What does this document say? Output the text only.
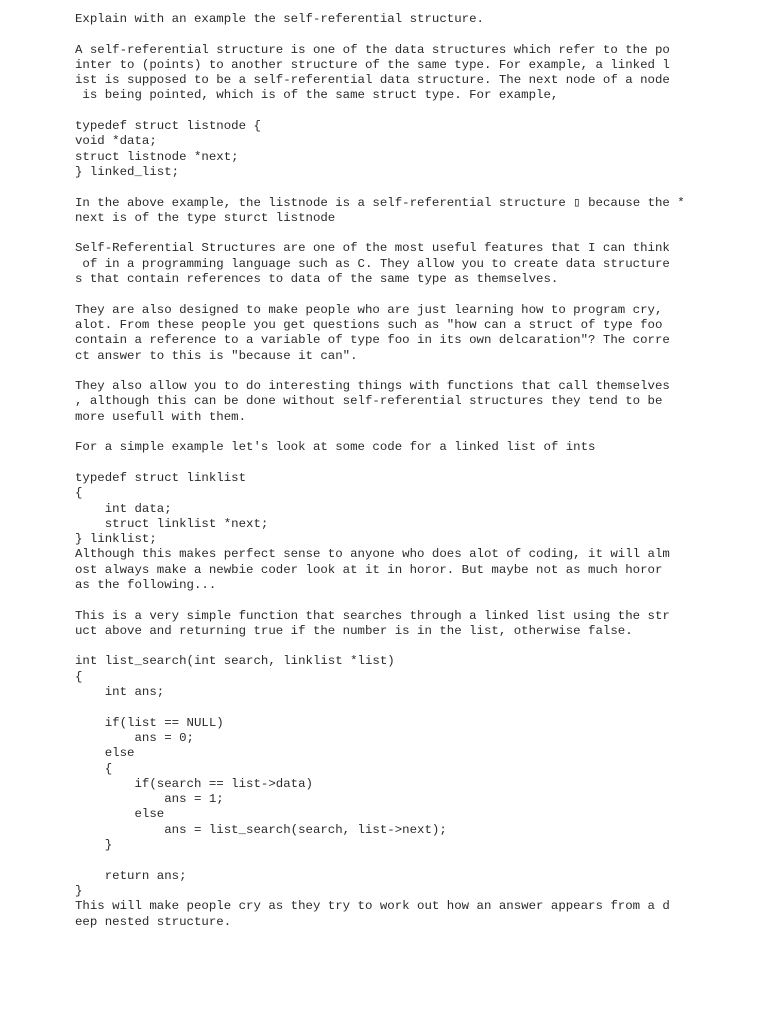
Explain with an example the self-referential structure.
A self-referential structure is one of the data structures which refer to the po
inter to (points) to another structure of the same type. For example, a linked l
ist is supposed to be a self-referential data structure. The next node of a node
is being pointed, which is of the same struct type. For example,
typedef struct listnode {
void *data;
struct listnode *next;
} linked_list;
In the above example, the listnode is a self-referential structure ▯ because the *
next is of the type sturct listnode
Self-Referential Structures are one of the most useful features that I can think
of in a programming language such as C. They allow you to create data structure
s that contain references to data of the same type as themselves.
They are also designed to make people who are just learning how to program cry,
alot. From these people you get questions such as "how can a struct of type foo
contain a reference to a variable of type foo in its own delcaration"? The corre
ct answer to this is "because it can".
They also allow you to do interesting things with functions that call themselves
, although this can be done without self-referential structures they tend to be
more usefull with them.
For a simple example let's look at some code for a linked list of ints
typedef struct linklist
{
int data;
struct linklist *next;
} linklist;
Although this makes perfect sense to anyone who does alot of coding, it will alm
ost always make a newbie coder look at it in horor. But maybe not as much horor
as the following...
This is a very simple function that searches through a linked list using the str
uct above and returning true if the number is in the list, otherwise false.
int list_search(int search, linklist *list)
{
int ans;
if(list == NULL)
ans = 0;
else
{
if(search == list->data)
ans = 1;
else
ans = list_search(search, list->next);
}
return ans;
}
This will make people cry as they try to work out how an answer appears from a d
eep nested structure.
